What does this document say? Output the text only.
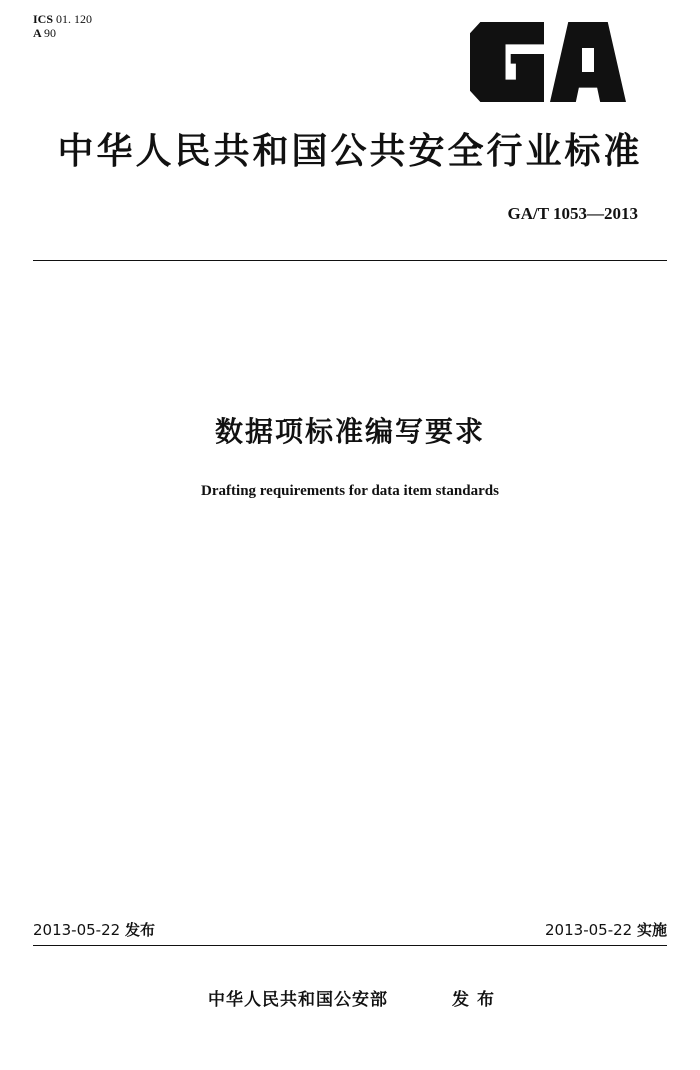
ICS 01. 120
A 90
中华人民共和国公共安全行业标准
GA/T 1053—2013
数据项标准编写要求
Drafting requirements for data item standards
2013-05-22 发布	2013-05-22 实施
中华人民共和国公安部	发布
